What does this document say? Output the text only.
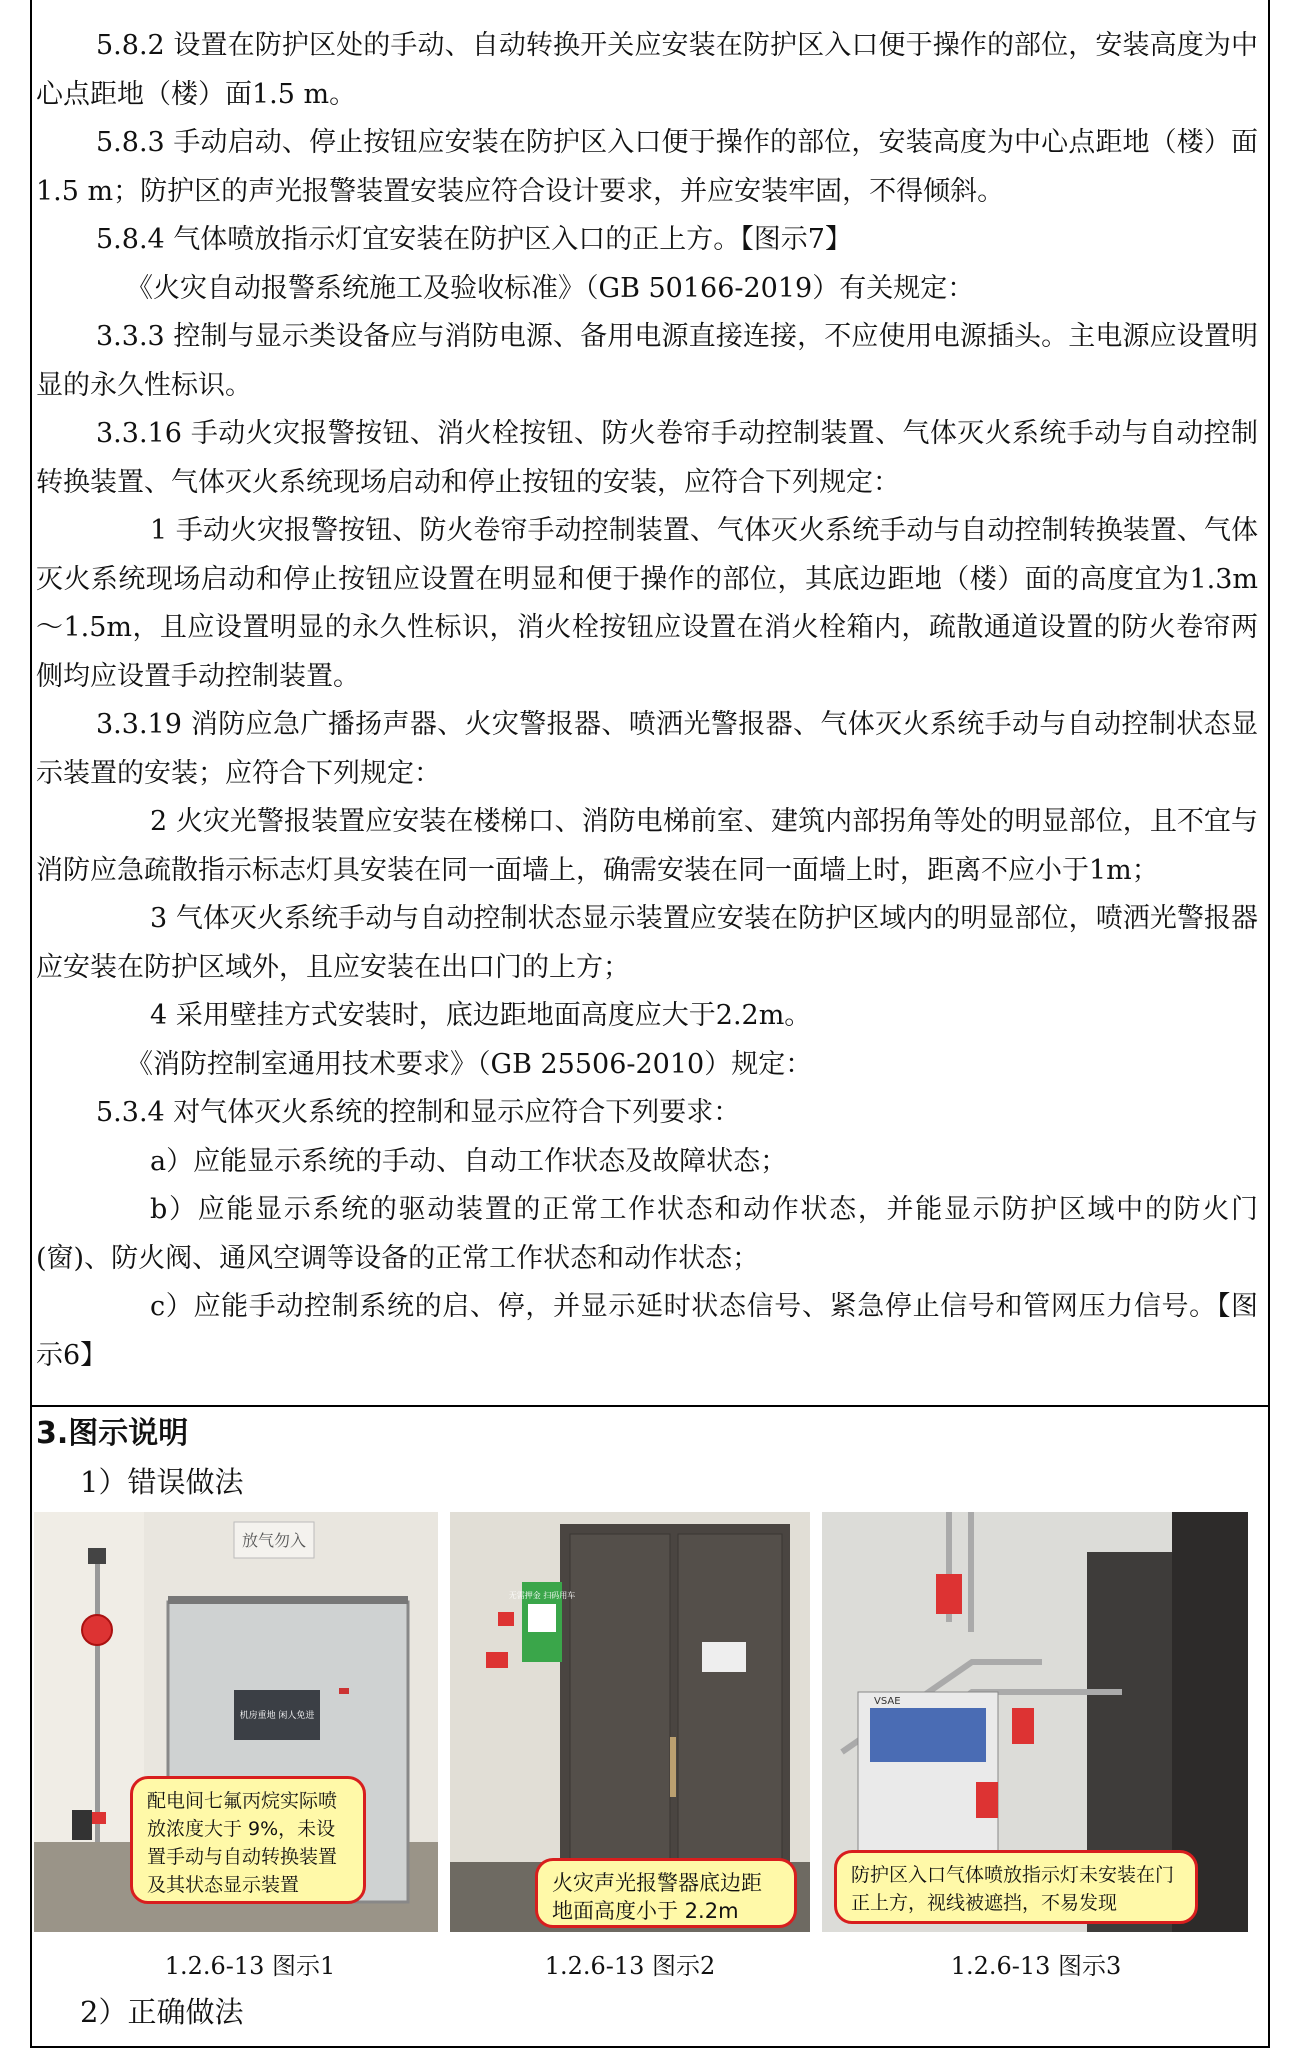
5.8.2 设置在防护区处的手动、自动转换开关应安装在防护区入口便于操作的部位，安装高度为中心点距地（楼）面1.5 m。

5.8.3 手动启动、停止按钮应安装在防护区入口便于操作的部位，安装高度为中心点距地（楼）面1.5 m；防护区的声光报警装置安装应符合设计要求，并应安装牢固，不得倾斜。

5.8.4 气体喷放指示灯宜安装在防护区入口的正上方。【图示7】

《火灾自动报警系统施工及验收标准》（GB 50166-2019）有关规定：

3.3.3 控制与显示类设备应与消防电源、备用电源直接连接，不应使用电源插头。主电源应设置明显的永久性标识。

3.3.16 手动火灾报警按钮、消火栓按钮、防火卷帘手动控制装置、气体灭火系统手动与自动控制转换装置、气体灭火系统现场启动和停止按钮的安装，应符合下列规定：

1 手动火灾报警按钮、防火卷帘手动控制装置、气体灭火系统手动与自动控制转换装置、气体灭火系统现场启动和停止按钮应设置在明显和便于操作的部位，其底边距地（楼）面的高度宜为1.3m～1.5m，且应设置明显的永久性标识，消火栓按钮应设置在消火栓箱内，疏散通道设置的防火卷帘两侧均应设置手动控制装置。

3.3.19 消防应急广播扬声器、火灾警报器、喷洒光警报器、气体灭火系统手动与自动控制状态显示装置的安装；应符合下列规定：

2 火灾光警报装置应安装在楼梯口、消防电梯前室、建筑内部拐角等处的明显部位，且不宜与消防应急疏散指示标志灯具安装在同一面墙上，确需安装在同一面墙上时，距离不应小于1m；

3 气体灭火系统手动与自动控制状态显示装置应安装在防护区域内的明显部位，喷洒光警报器应安装在防护区域外，且应安装在出口门的上方；

4 采用壁挂方式安装时，底边距地面高度应大于2.2m。

《消防控制室通用技术要求》（GB 25506-2010）规定：

5.3.4 对气体灭火系统的控制和显示应符合下列要求：

a）应能显示系统的手动、自动工作状态及故障状态；

b）应能显示系统的驱动装置的正常工作状态和动作状态，并能显示防护区域中的防火门(窗)、防火阀、通风空调等设备的正常工作状态和动作状态；

c）应能手动控制系统的启、停，并显示延时状态信号、紧急停止信号和管网压力信号。【图示6】

3.图示说明
1）错误做法
放气勿入
机房重地 闲人免进
配电间七氟丙烷实际喷放浓度大于 9%，未设置手动与自动转换装置及其状态显示装置
无需押金 扫码用车
火灾声光报警器底边距地面高度小于 2.2m
VSAE
防护区入口气体喷放指示灯未安装在门正上方，视线被遮挡，不易发现
1.2.6-13 图示1	1.2.6-13 图示2	1.2.6-13 图示3
2）正确做法
